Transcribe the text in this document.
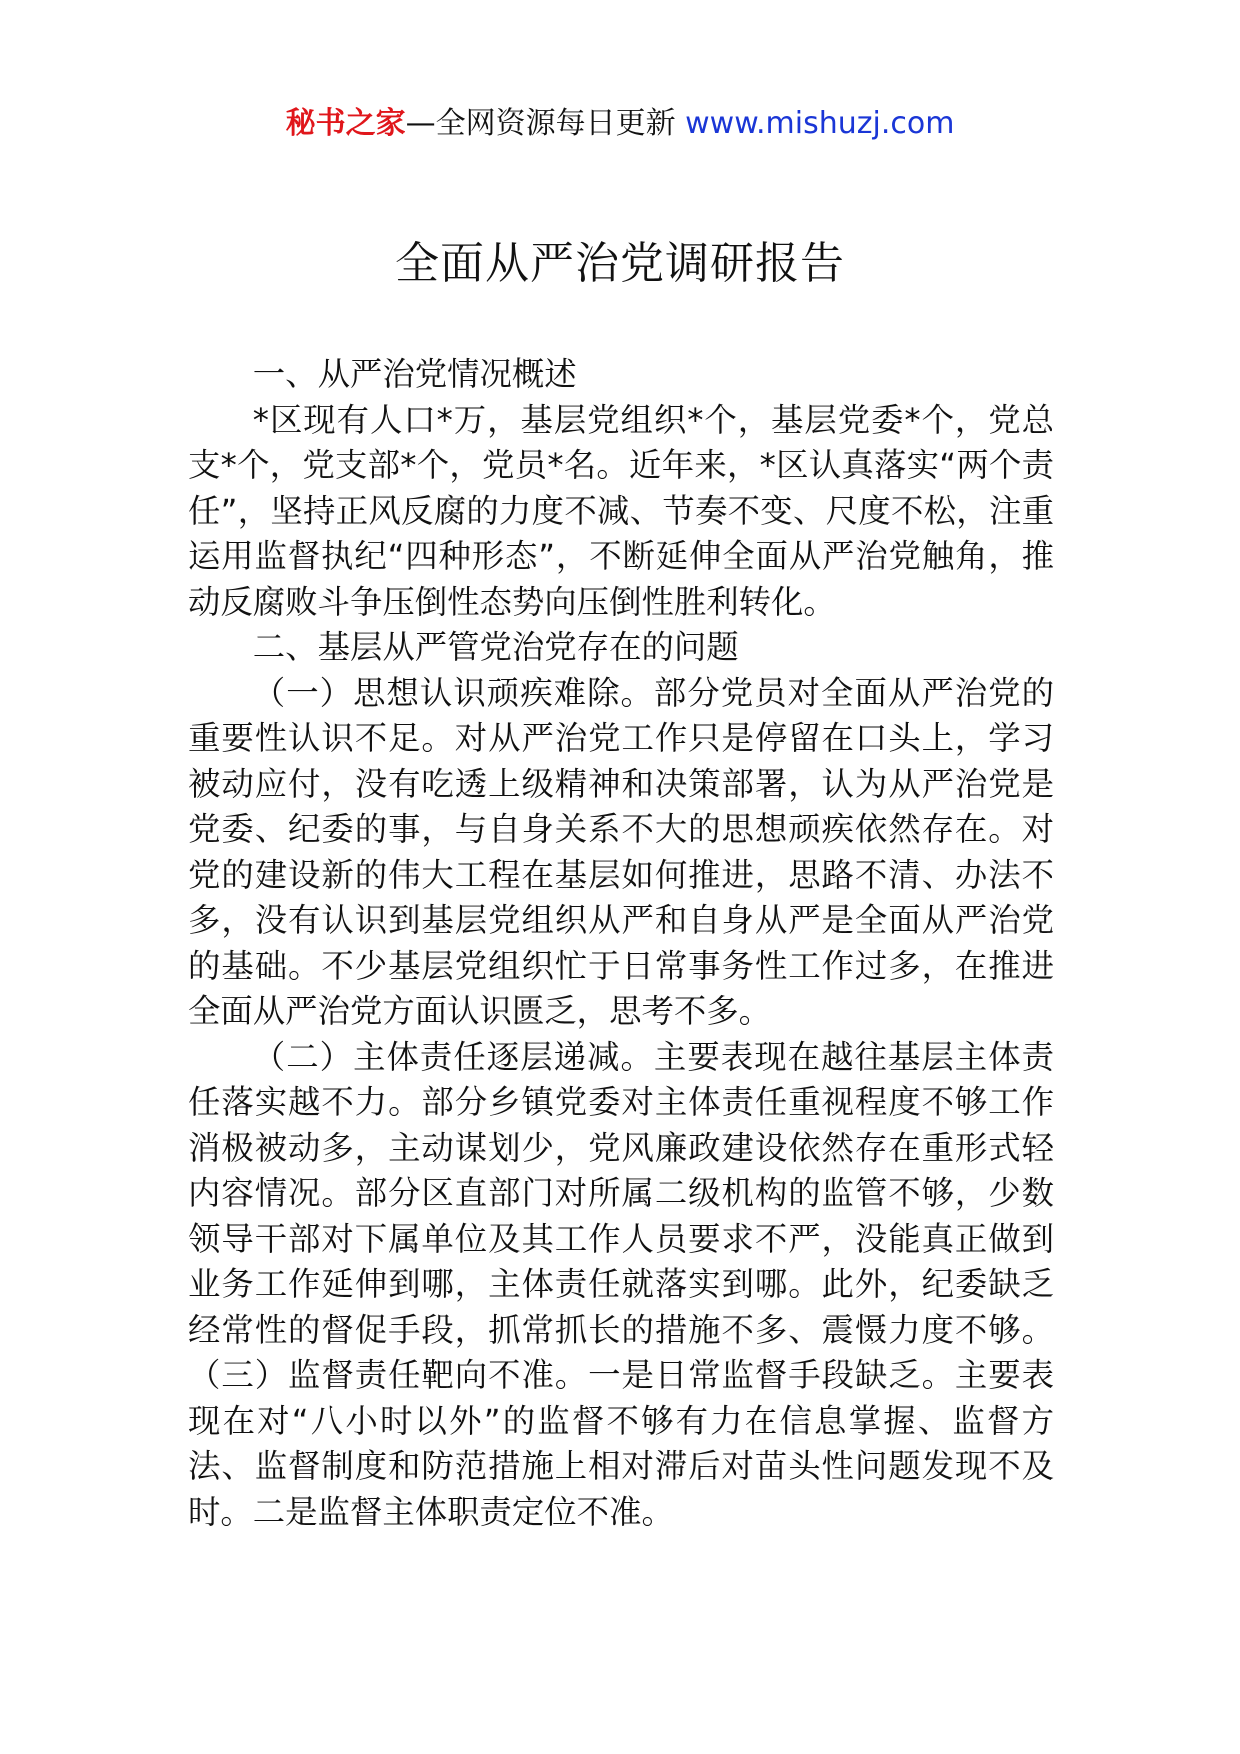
秘书之家—全网资源每日更新 www.mishuzj.com
全面从严治党调研报告

一、从严治党情况概述

*区现有人口*万，基层党组织*个，基层党委*个，党总支*个，党支部*个，党员*名。近年来，*区认真落实“两个责任”，坚持正风反腐的力度不减、节奏不变、尺度不松，注重运用监督执纪“四种形态”，不断延伸全面从严治党触角，推动反腐败斗争压倒性态势向压倒性胜利转化。

二、基层从严管党治党存在的问题

（一）思想认识顽疾难除。部分党员对全面从严治党的重要性认识不足。对从严治党工作只是停留在口头上，学习被动应付，没有吃透上级精神和决策部署，认为从严治党是党委、纪委的事，与自身关系不大的思想顽疾依然存在。对党的建设新的伟大工程在基层如何推进，思路不清、办法不多，没有认识到基层党组织从严和自身从严是全面从严治党的基础。不少基层党组织忙于日常事务性工作过多，在推进全面从严治党方面认识匮乏，思考不多。

（二）主体责任逐层递减。主要表现在越往基层主体责任落实越不力。部分乡镇党委对主体责任重视程度不够工作消极被动多，主动谋划少，党风廉政建设依然存在重形式轻内容情况。部分区直部门对所属二级机构的监管不够，少数领导干部对下属单位及其工作人员要求不严，没能真正做到业务工作延伸到哪，主体责任就落实到哪。此外，纪委缺乏经常性的督促手段，抓常抓长的措施不多、震慑力度不够。（三）监督责任靶向不准。一是日常监督手段缺乏。主要表现在对“八小时以外”的监督不够有力在信息掌握、监督方法、监督制度和防范措施上相对滞后对苗头性问题发现不及时。二是监督主体职责定位不准。
